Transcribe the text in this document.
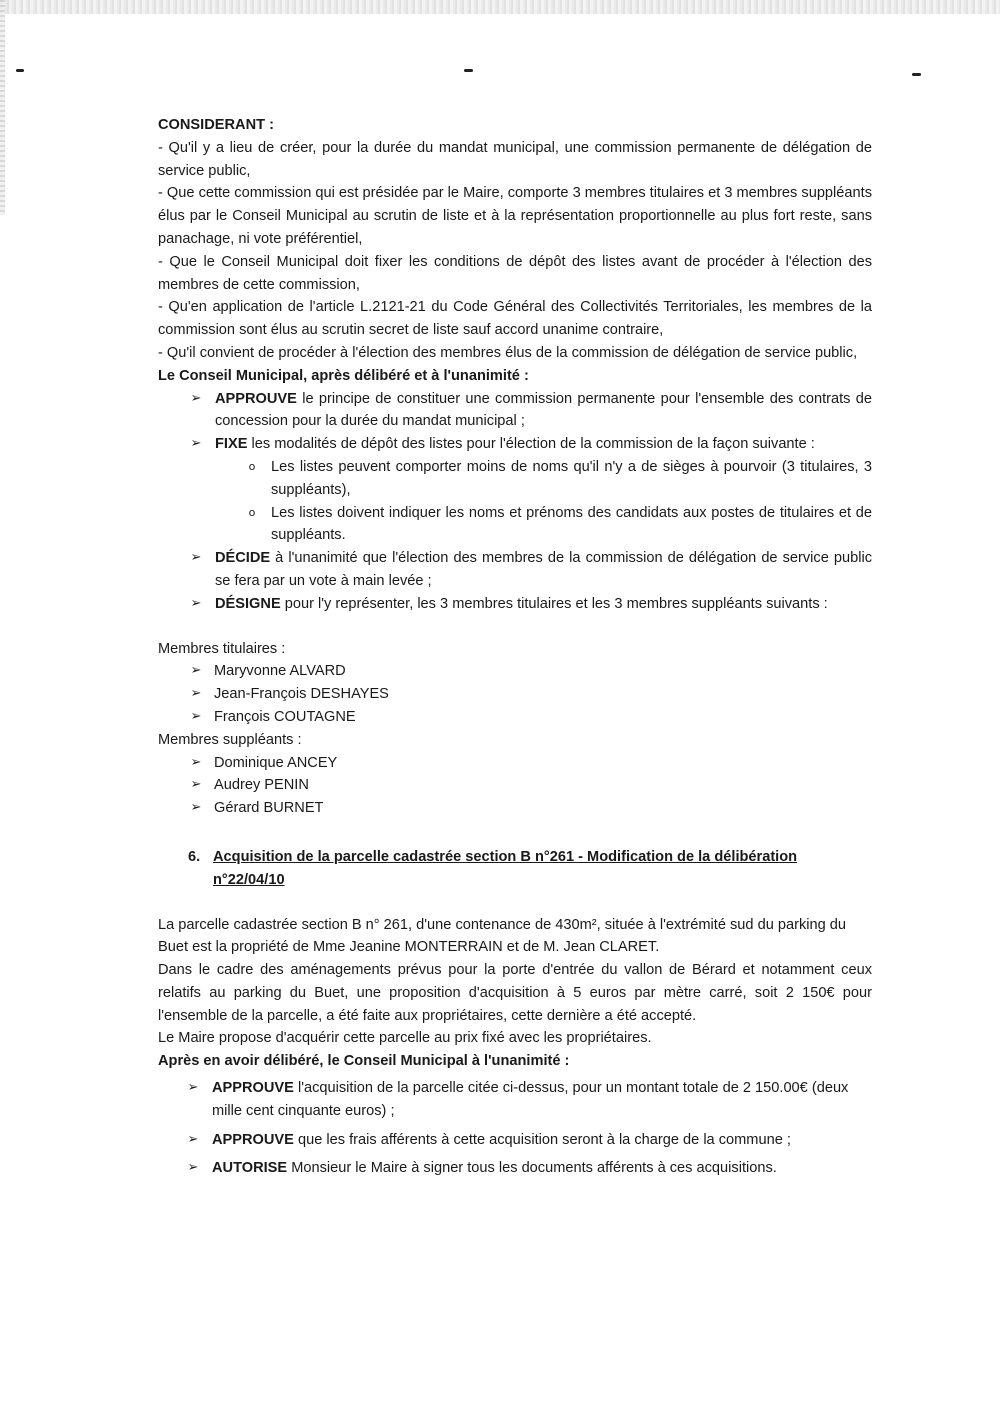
CONSIDERANT :

- Qu'il y a lieu de créer, pour la durée du mandat municipal, une commission permanente de délégation de service public,

- Que cette commission qui est présidée par le Maire, comporte 3 membres titulaires et 3 membres suppléants élus par le Conseil Municipal au scrutin de liste et à la représentation proportionnelle au plus fort reste, sans panachage, ni vote préférentiel,

- Que le Conseil Municipal doit fixer les conditions de dépôt des listes avant de procéder à l'élection des membres de cette commission,

- Qu'en application de l'article L.2121-21 du Code Général des Collectivités Territoriales, les membres de la commission sont élus au scrutin secret de liste sauf accord unanime contraire,

- Qu'il convient de procéder à l'élection des membres élus de la commission de délégation de service public,

Le Conseil Municipal, après délibéré et à l'unanimité :

➢ APPROUVE le principe de constituer une commission permanente pour l'ensemble des contrats de concession pour la durée du mandat municipal ;
➢ FIXE les modalités de dépôt des listes pour l'élection de la commission de la façon suivante :
o	Les listes peuvent comporter moins de noms qu'il n'y a de sièges à pourvoir (3 titulaires, 3 suppléants),
o	Les listes doivent indiquer les noms et prénoms des candidats aux postes de titulaires et de suppléants.
➢ DÉCIDE à l'unanimité que l'élection des membres de la commission de délégation de service public se fera par un vote à main levée ;
➢ DÉSIGNE pour l'y représenter, les 3 membres titulaires et les 3 membres suppléants suivants :

Membres titulaires :

➢ Maryvonne ALVARD
➢ Jean-François DESHAYES
➢ François COUTAGNE

Membres suppléants :

➢ Dominique ANCEY
➢ Audrey PENIN
➢ Gérard BURNET
6. Acquisition de la parcelle cadastrée section B n°261 - Modification de la délibération n°22/04/10

La parcelle cadastrée section B n° 261, d'une contenance de 430m², située à l'extrémité sud du parking du Buet est la propriété de Mme Jeanine MONTERRAIN et de M. Jean CLARET.

Dans le cadre des aménagements prévus pour la porte d'entrée du vallon de Bérard et notamment ceux relatifs au parking du Buet, une proposition d'acquisition à 5 euros par mètre carré, soit 2 150€ pour l'ensemble de la parcelle, a été faite aux propriétaires, cette dernière a été accepté.

Le Maire propose d'acquérir cette parcelle au prix fixé avec les propriétaires.

Après en avoir délibéré, le Conseil Municipal à l'unanimité :

➢ APPROUVE l'acquisition de la parcelle citée ci-dessus, pour un montant totale de 2 150.00€ (deux mille cent cinquante euros) ;
➢ APPROUVE que les frais afférents à cette acquisition seront à la charge de la commune ;
➢ AUTORISE Monsieur le Maire à signer tous les documents afférents à ces acquisitions.
